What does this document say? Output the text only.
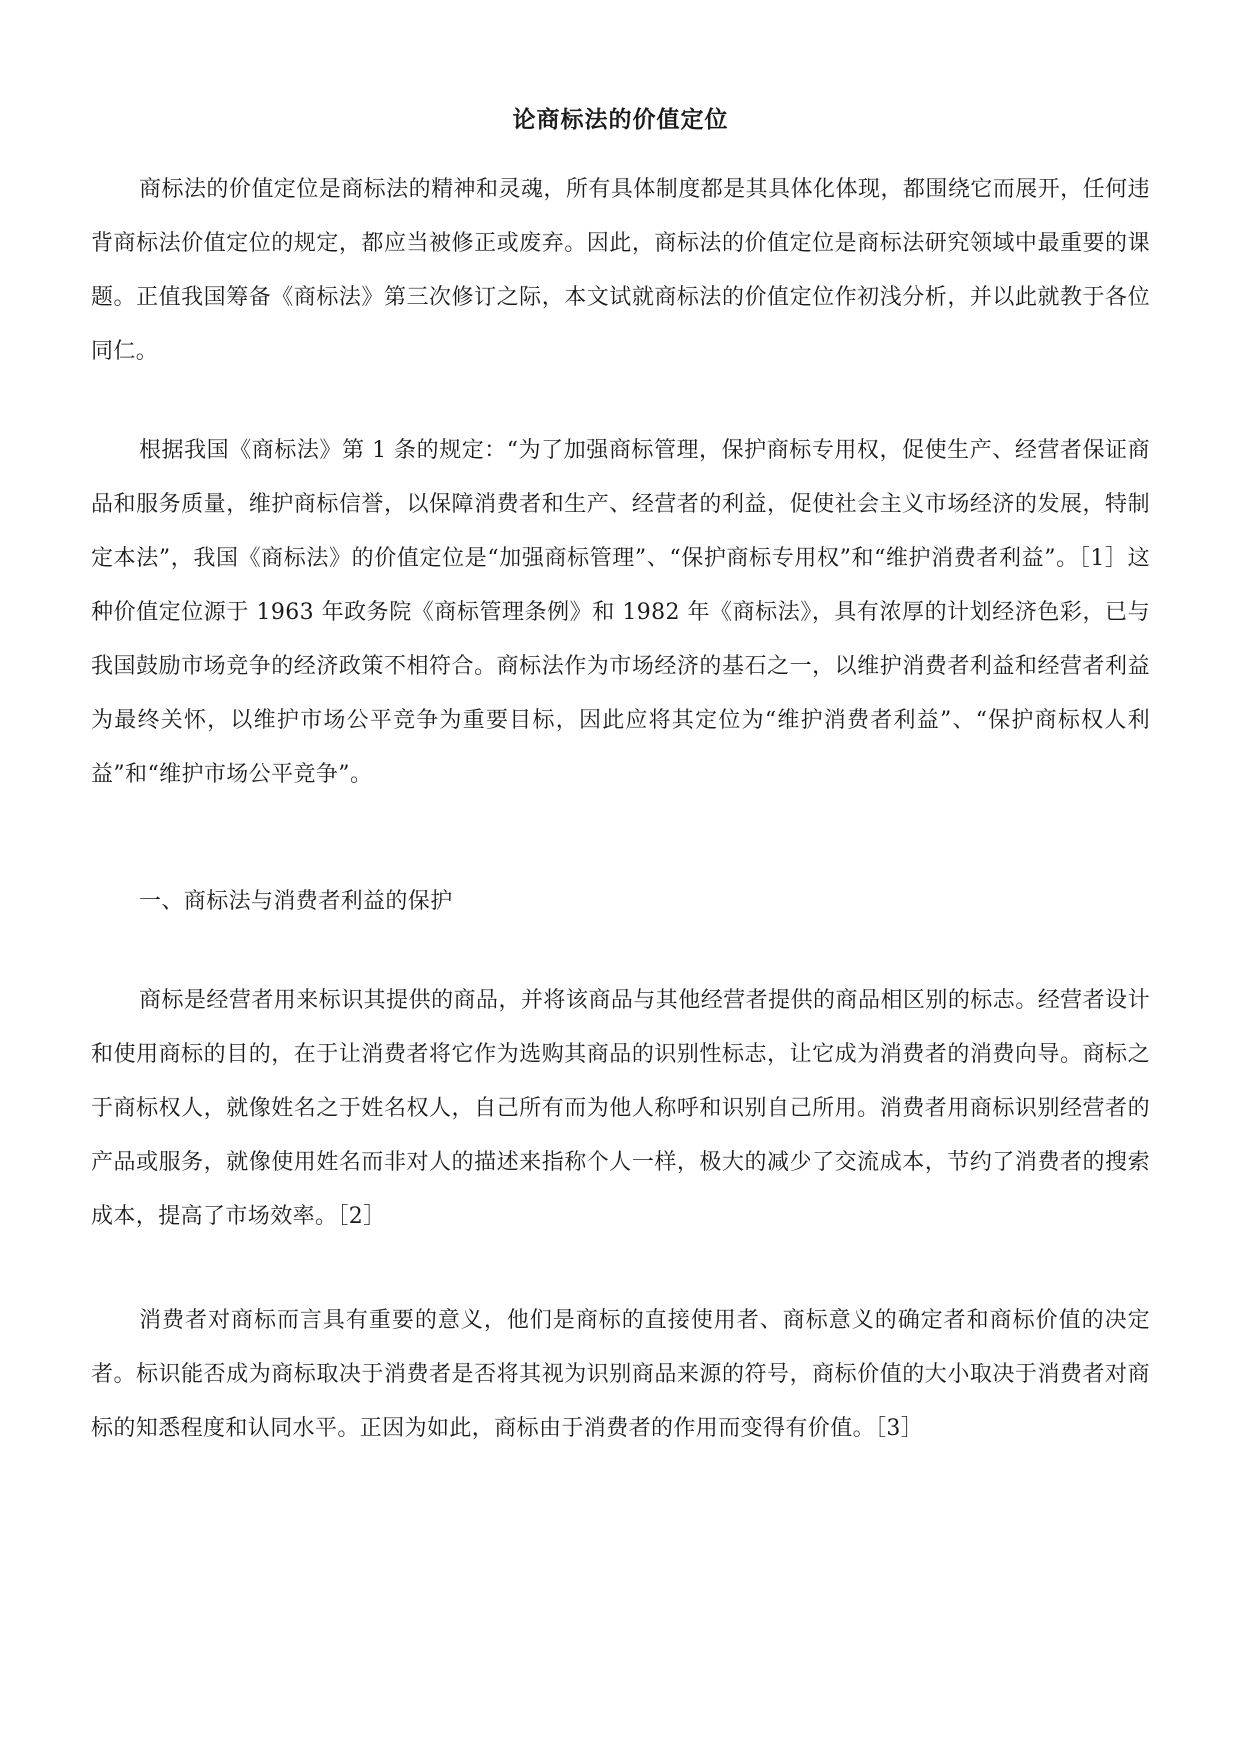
论商标法的价值定位

商标法的价值定位是商标法的精神和灵魂，所有具体制度都是其具体化体现，都围绕它而展开，任何违背商标法价值定位的规定，都应当被修正或废弃。因此，商标法的价值定位是商标法研究领域中最重要的课题。正值我国筹备《商标法》第三次修订之际，本文试就商标法的价值定位作初浅分析，并以此就教于各位同仁。

根据我国《商标法》第 1 条的规定：“为了加强商标管理，保护商标专用权，促使生产、经营者保证商品和服务质量，维护商标信誉，以保障消费者和生产、经营者的利益，促使社会主义市场经济的发展，特制定本法”，我国《商标法》的价值定位是“加强商标管理”、“保护商标专用权”和“维护消费者利益”。［1］这种价值定位源于 1963 年政务院《商标管理条例》和 1982 年《商标法》，具有浓厚的计划经济色彩，已与我国鼓励市场竞争的经济政策不相符合。商标法作为市场经济的基石之一，以维护消费者利益和经营者利益为最终关怀，以维护市场公平竞争为重要目标，因此应将其定位为“维护消费者利益”、“保护商标权人利益”和“维护市场公平竞争”。

一、商标法与消费者利益的保护

商标是经营者用来标识其提供的商品，并将该商品与其他经营者提供的商品相区别的标志。经营者设计和使用商标的目的，在于让消费者将它作为选购其商品的识别性标志，让它成为消费者的消费向导。商标之于商标权人，就像姓名之于姓名权人，自己所有而为他人称呼和识别自己所用。消费者用商标识别经营者的产品或服务，就像使用姓名而非对人的描述来指称个人一样，极大的减少了交流成本，节约了消费者的搜索成本，提高了市场效率。［2］

消费者对商标而言具有重要的意义，他们是商标的直接使用者、商标意义的确定者和商标价值的决定者。标识能否成为商标取决于消费者是否将其视为识别商品来源的符号，商标价值的大小取决于消费者对商标的知悉程度和认同水平。正因为如此，商标由于消费者的作用而变得有价值。［3］
